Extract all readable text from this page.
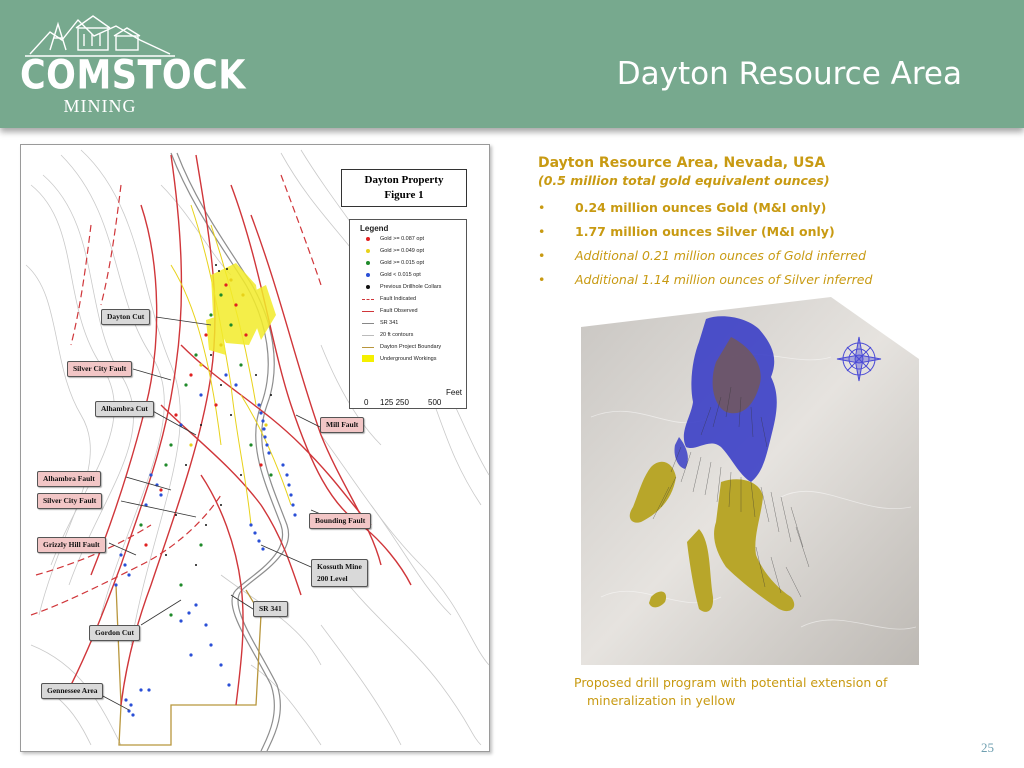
COMSTOCK
MINING
Dayton Resource Area
Dayton Property
Figure 1
Legend
Gold >= 0.087 opt
Gold >= 0.049 opt
Gold >= 0.015 opt
Gold < 0.015 opt
Previous Drillhole Collars
Fault Indicated
Fault Observed
SR 341
20 ft contours
Dayton Project Boundary
Underground Workings
Feet
0 125 250 500
Dayton Cut
Silver City Fault
Alhambra Cut
Mill Fault
Alhambra Fault
Silver City Fault
Bounding Fault
Grizzly Hill Fault
Kossuth Mine
200 Level
SR 341
Gordon Cut
Gennessee Area
Dayton Resource Area, Nevada, USA
(0.5 million total gold equivalent ounces)
• 0.24 million ounces Gold (M&I only)
• 1.77 million ounces Silver (M&I only)
• Additional 0.21 million ounces of Gold inferred
• Additional 1.14 million ounces of Silver inferred
Proposed drill program with potential extension of
mineralization in yellow
25
